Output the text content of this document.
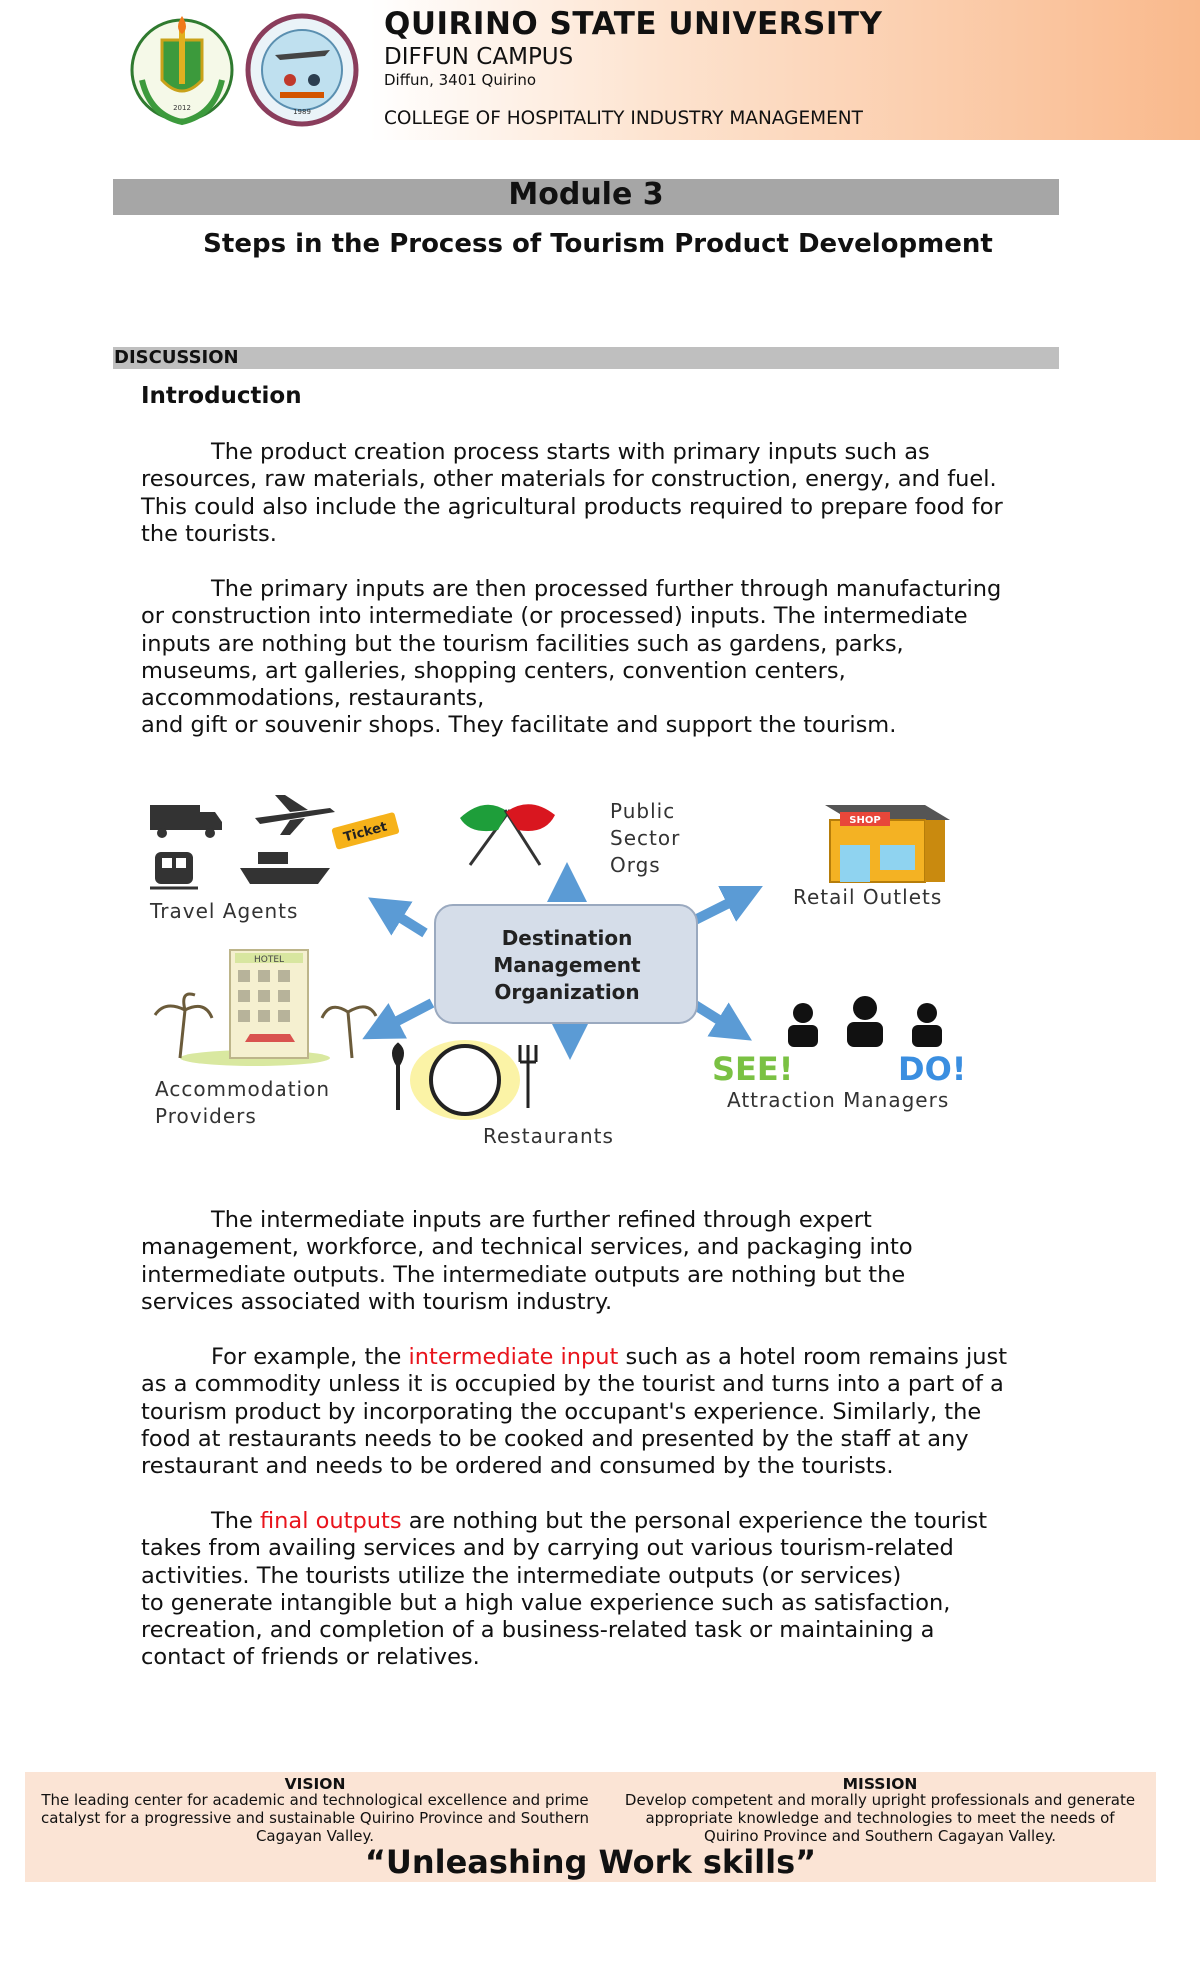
2012	1989
QUIRINO STATE UNIVERSITY
DIFFUN CAMPUS
Diffun, 3401 Quirino
COLLEGE OF HOSPITALITY INDUSTRY MANAGEMENT
Module 3
Steps in the Process of Tourism Product Development
DISCUSSION
Introduction
The product creation process starts with primary inputs such as
resources, raw materials, other materials for construction, energy, and fuel.
This could also include the agricultural products required to prepare food for
the tourists.
The primary inputs are then processed further through manufacturing
or construction into intermediate (or processed) inputs. The intermediate
inputs are nothing but the tourism facilities such as gardens, parks,
museums, art galleries, shopping centers, convention centers,
accommodations, restaurants,
and gift or souvenir shops. They facilitate and support the tourism.
Destination
Management
Organization
Ticket
Travel Agents
Public
Sector
Orgs
SHOP
Retail Outlets
HOTEL
Accommodation
Providers
Restaurants
SEE!	DO!
Attraction Managers
The intermediate inputs are further refined through expert
management, workforce, and technical services, and packaging into
intermediate outputs. The intermediate outputs are nothing but the
services associated with tourism industry.
For example, the intermediate input such as a hotel room remains just
as a commodity unless it is occupied by the tourist and turns into a part of a
tourism product by incorporating the occupant's experience. Similarly, the
food at restaurants needs to be cooked and presented by the staff at any
restaurant and needs to be ordered and consumed by the tourists.
The final outputs are nothing but the personal experience the tourist
takes from availing services and by carrying out various tourism-related
activities. The tourists utilize the intermediate outputs (or services)
to generate intangible but a high value experience such as satisfaction,
recreation, and completion of a business-related task or maintaining a
contact of friends or relatives.
VISION
The leading center for academic and technological excellence and prime catalyst for a progressive and sustainable Quirino Province and Southern Cagayan Valley.
MISSION
Develop competent and morally upright professionals and generate appropriate knowledge and technologies to meet the needs of Quirino Province and Southern Cagayan Valley.
“Unleashing Work skills”
